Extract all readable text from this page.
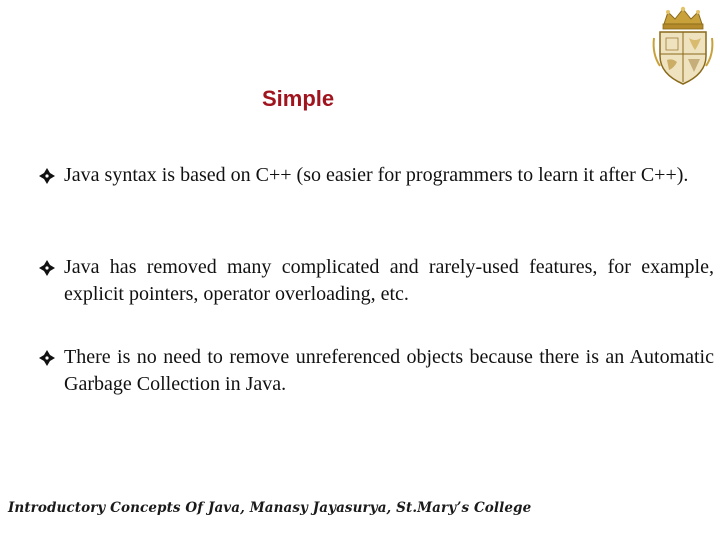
Simple
Java syntax is based on C++ (so easier for programmers to learn it after C++).
Java has removed many complicated and rarely-used features, for example, explicit pointers, operator overloading, etc.
There is no need to remove unreferenced objects because there is an Automatic Garbage Collection in Java.
Introductory Concepts Of Java, Manasy Jayasurya, St.Mary’s College
